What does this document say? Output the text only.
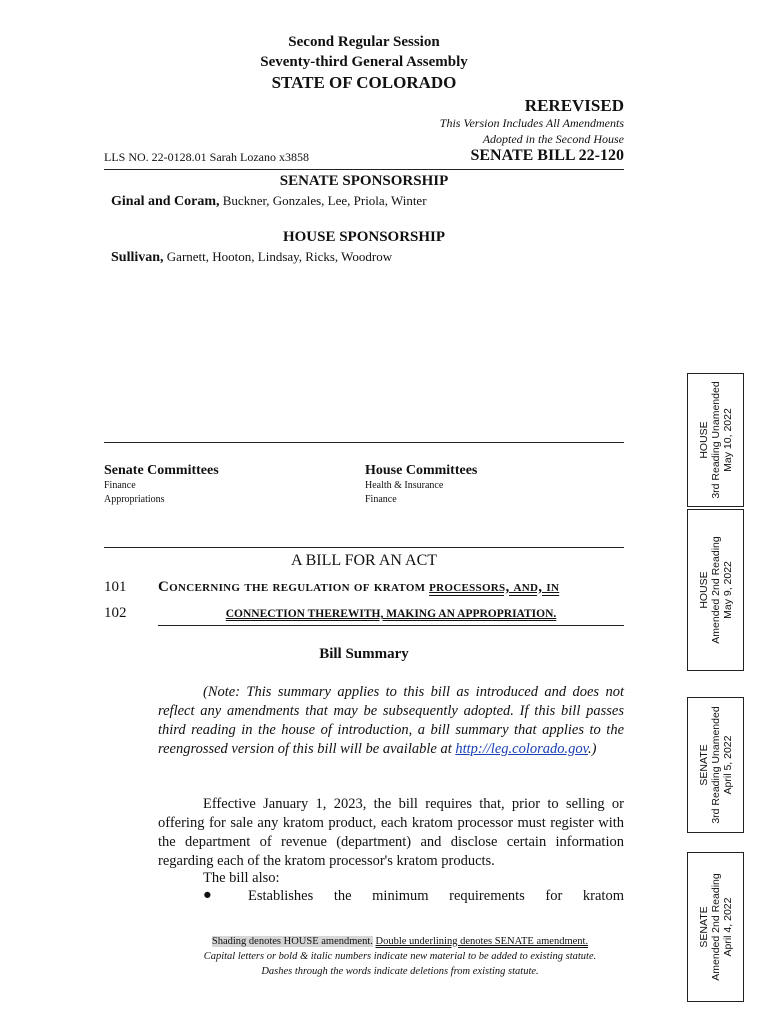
Second Regular Session
Seventy-third General Assembly
STATE OF COLORADO
REREVISED
This Version Includes All Amendments
Adopted in the Second House
LLS NO. 22-0128.01 Sarah Lozano x3858	SENATE BILL 22-120
SENATE SPONSORSHIP
Ginal and Coram, Buckner, Gonzales, Lee, Priola, Winter
HOUSE SPONSORSHIP
Sullivan, Garnett, Hooton, Lindsay, Ricks, Woodrow
Senate Committees
Finance
Appropriations
House Committees
Health & Insurance
Finance
A BILL FOR AN ACT
101 Concerning the regulation of kratom processors, and, in
102	CONNECTION THEREWITH, MAKING AN APPROPRIATION.
Bill Summary
(Note: This summary applies to this bill as introduced and does not reflect any amendments that may be subsequently adopted. If this bill passes third reading in the house of introduction, a bill summary that applies to the reengrossed version of this bill will be available at http://leg.colorado.gov.)
Effective January 1, 2023, the bill requires that, prior to selling or offering for sale any kratom product, each kratom processor must register with the department of revenue (department) and disclose certain information regarding each of the kratom processor's kratom products.
The bill also:
● Establishes the minimum requirements for kratom
Shading denotes HOUSE amendment. Double underlining denotes SENATE amendment.
Capital letters or bold & italic numbers indicate new material to be added to existing statute.
Dashes through the words indicate deletions from existing statute.
HOUSE 3rd Reading Unamended May 10, 2022
HOUSE Amended 2nd Reading May 9, 2022
SENATE 3rd Reading Unamended April 5, 2022
SENATE Amended 2nd Reading April 4, 2022
